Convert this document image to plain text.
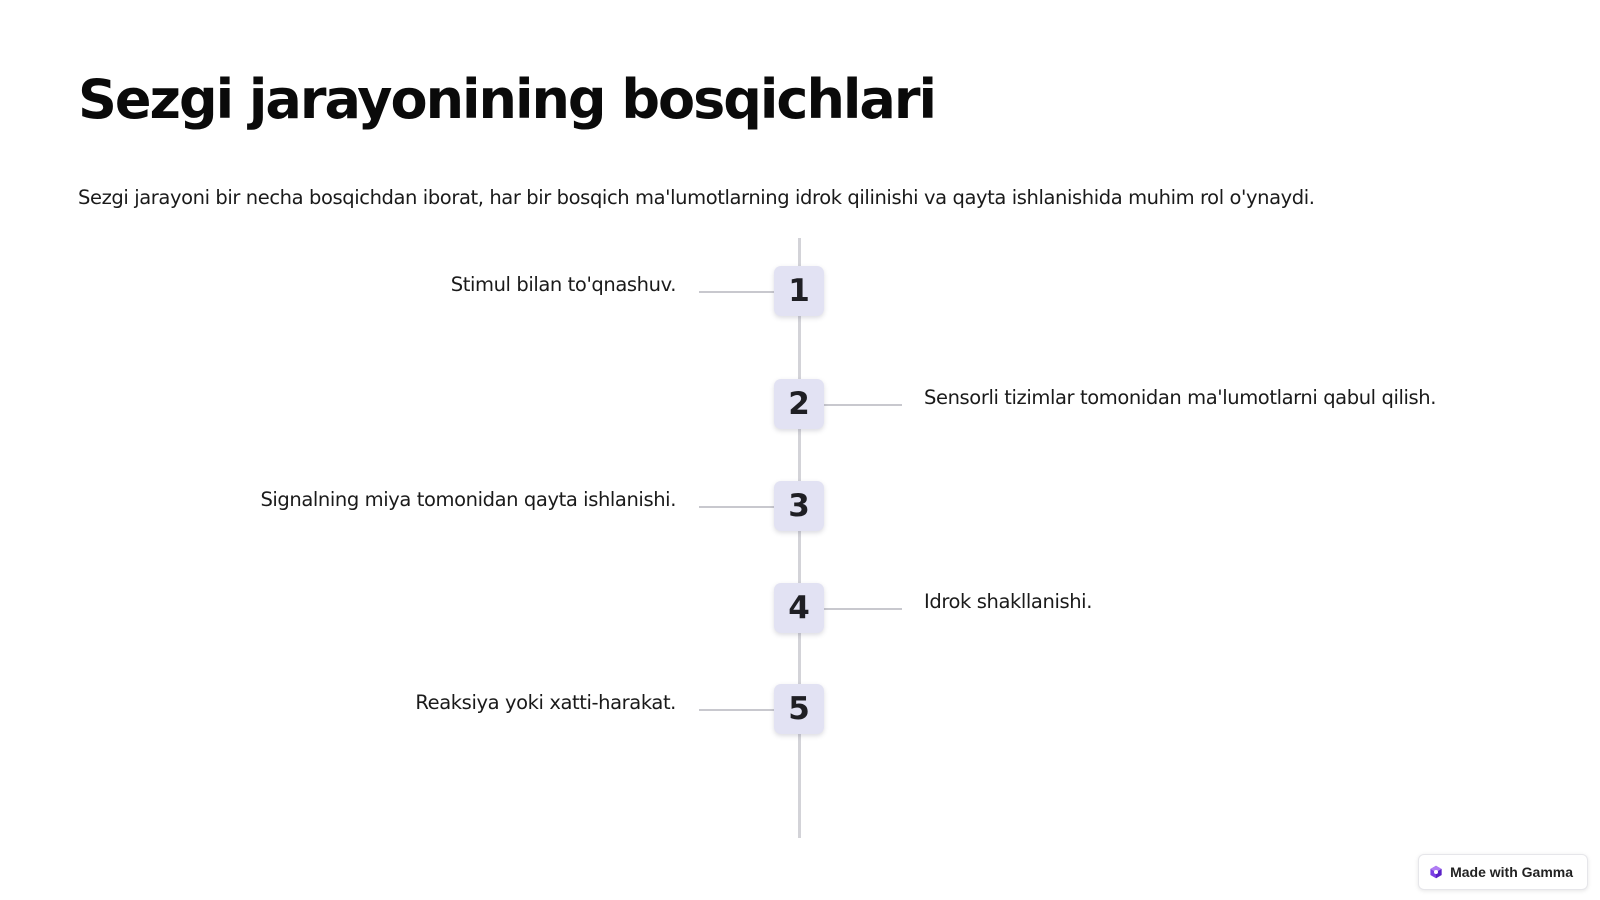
Sezgi jarayonining bosqichlari

Sezgi jarayoni bir necha bosqichdan iborat, har bir bosqich ma'lumotlarning idrok qilinishi va qayta ishlanishida muhim rol o'ynaydi.

1
Stimul bilan to'qnashuv.
2	Sensorli tizimlar tomonidan ma'lumotlarni qabul qilish.
3
Signalning miya tomonidan qayta ishlanishi.
4	Idrok shakllanishi.
5
Reaksiya yoki xatti-harakat.
Made with Gamma
